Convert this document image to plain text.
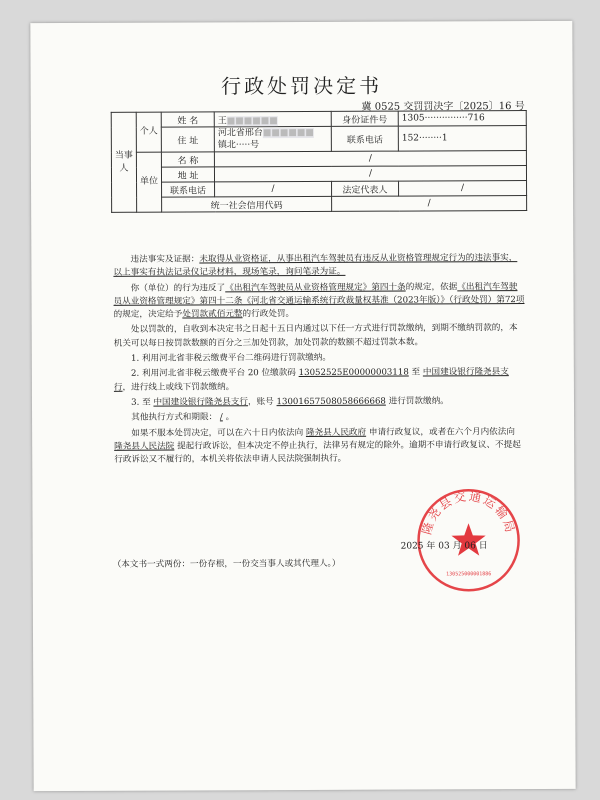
行政处罚决定书
冀 0525 交罚罚决字〔2025〕16 号
当事人	个人	姓 名	王■■■■■■	身份证件号	1305···············716
		住 址	河北省邢台■■■■■■
镇北·····号	联系电话	152········1

	单位	名 称	/		
		地 址	/		
		联系电话	/	法定代表人	/
		统一社会信用代码		/	

违法事实及证据：未取得从业资格证，从事出租汽车驾驶员有违反从业资格管理规定行为的违法事实，以上事实有执法记录仪记录材料，现场笔录，询问笔录为证。

你（单位）的行为违反了《出租汽车驾驶员从业资格管理规定》第四十条的规定，依据《出租汽车驾驶员从业资格管理规定》第四十二条《河北省交通运输系统行政裁量权基准（2023年版）》（行政处罚）第72项的规定，决定给予处罚款贰佰元整的行政处罚。

处以罚款的，自收到本决定书之日起十五日内通过以下任一方式进行罚款缴纳，到期不缴纳罚款的，本机关可以每日按罚款数额的百分之三加处罚款，加处罚款的数额不超过罚款本数。

1. 利用河北省非税云缴费平台二维码进行罚款缴纳。

2. 利用河北省非税云缴费平台 20 位缴款码 13052525E00000003118 至 中国建设银行隆尧县支行，进行线上或线下罚款缴纳。

3. 至 中国建设银行隆尧县支行，账号 13001657508058666668 进行罚款缴纳。

其他执行方式和期限： / 。

如果不服本处罚决定，可以在六十日内依法向 隆尧县人民政府 申请行政复议，或者在六个月内依法向 隆尧县人民法院 提起行政诉讼，但本决定不停止执行，法律另有规定的除外。逾期不申请行政复议、不提起行政诉讼又不履行的，本机关将依法申请人民法院强制执行。

隆尧县交通运输局
130525000001886
2025 年 03 月 06 日
（本文书一式两份：一份存根，一份交当事人或其代理人。）
